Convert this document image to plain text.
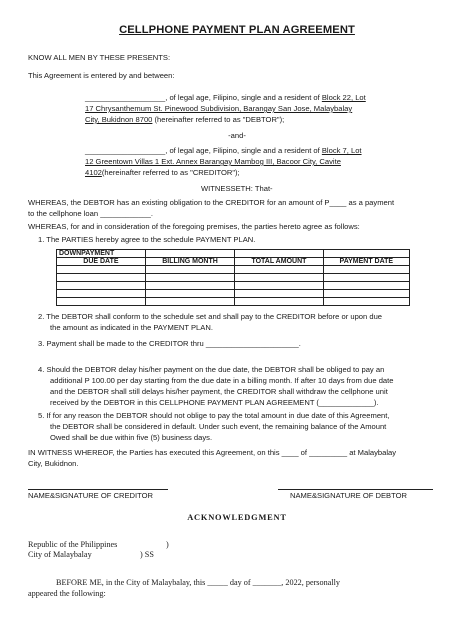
CELLPHONE PAYMENT PLAN AGREEMENT
KNOW ALL MEN BY THESE PRESENTS:
This Agreement is entered by and between:
___________________, of legal age, Filipino, single and a resident of Block 22, Lot
17 Chrysanthemum St. Pinewood Subdivision, Barangay San Jose, Malaybalay
City, Bukidnon 8700 (hereinafter referred to as "DEBTOR");
-and-
___________________, of legal age, Filipino, single and a resident of Block 7, Lot
12 Greentown Villas 1 Ext. Annex Barangay Mambog III, Bacoor City, Cavite
4102(hereinafter referred to as "CREDITOR");
WITNESSETH: That-
WHEREAS, the DEBTOR has an existing obligation to the CREDITOR for an amount of P____ as a payment
to the cellphone loan ____________.
WHEREAS, for and in consideration of the foregoing premises, the parties hereto agree as follows:
1. The PARTIES hereby agree to the schedule PAYMENT PLAN.
DOWNPAYMENT			
DUE DATE	BILLING MONTH	TOTAL AMOUNT	PAYMENT DATE

2. The DEBTOR shall conform to the schedule set and shall pay to the CREDITOR before or upon due
the amount as indicated in the PAYMENT PLAN.
3. Payment shall be made to the CREDITOR thru ______________________.
4. Should the DEBTOR delay his/her payment on the due date, the DEBTOR shall be obliged to pay an
additional P 100.00 per day starting from the due date in a billing month. If after 10 days from due date
and the DEBTOR shall still delays his/her payment, the CREDITOR shall withdraw the cellphone unit
received by the DEBTOR in this CELLPHONE PAYMENT PLAN AGREEMENT (_____________).
5. If for any reason the DEBTOR should not oblige to pay the total amount in due date of this Agreement,
the DEBTOR shall be considered in default. Under such event, the remaining balance of the Amount
Owed shall be due within five (5) business days.
IN WITNESS WHEREOF, the Parties has executed this Agreement, on this ____ of _________ at Malaybalay
City, Bukidnon.
NAME&SIGNATURE OF CREDITOR	NAME&SIGNATURE OF DEBTOR
ACKNOWLEDGMENT
Republic of the Philippines	)
City of Malaybalay	) SS
BEFORE ME, in the City of Malaybalay, this _____ day of _______, 2022, personally
appeared the following:
